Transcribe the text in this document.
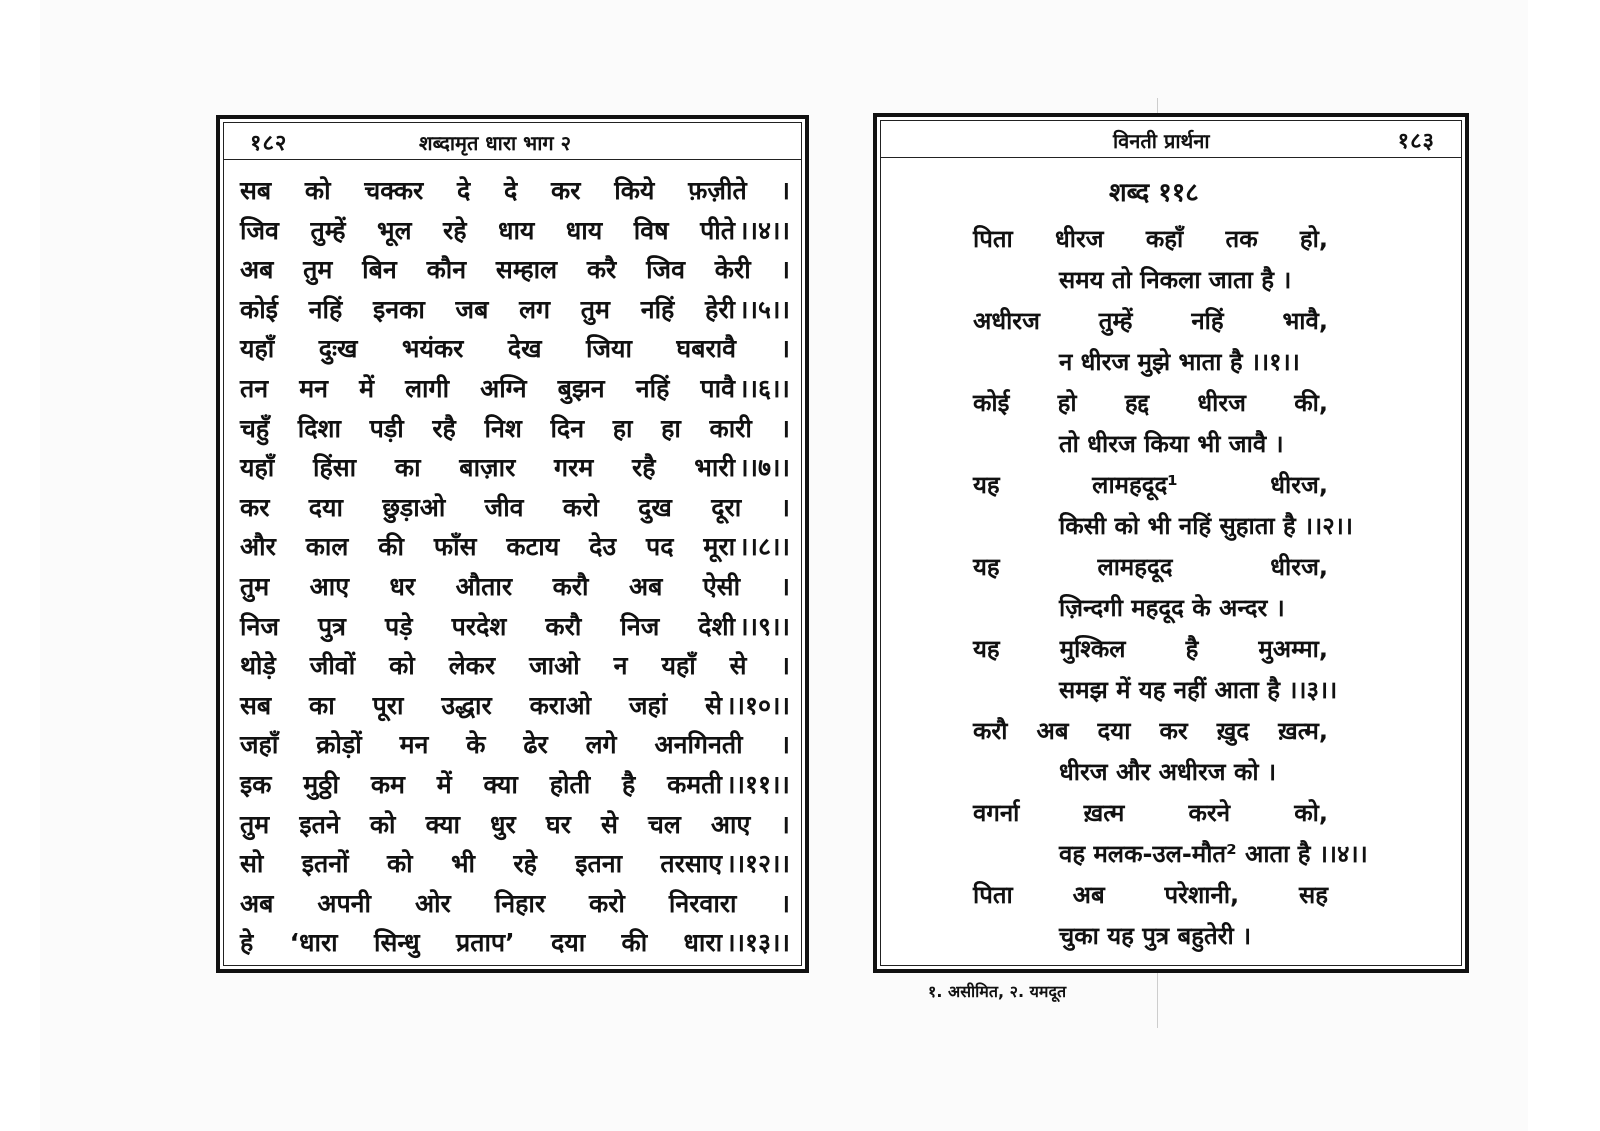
१८२	शब्दामृत धारा भाग २
सब को चक्कर दे दे कर किये फ़ज़ीते ।
जिव तुम्हें भूल रहे धाय धाय विष पीते ।।४।।
अब तुम बिन कौन सम्हाल करै जिव केरी ।
कोई नहिं इनका जब लग तुम नहिं हेरी ।।५।।
यहाँ दुःख भयंकर देख जिया घबरावै ।
तन मन में लागी अग्नि बुझन नहिं पावै ।।६।।
चहुँ दिशा पड़ी रहै निश दिन हा हा कारी ।
यहाँ हिंसा का बाज़ार गरम रहै भारी ।।७।।
कर दया छुड़ाओ जीव करो दुख दूरा ।
और काल की फाँस कटाय देउ पद मूरा ।।८।।
तुम आए धर औतार करौ अब ऐसी ।
निज पुत्र पड़े परदेश करौ निज देशी ।।९।।
थोड़े जीवों को लेकर जाओ न यहाँ से ।
सब का पूरा उद्धार कराओ जहां से ।।१०।।
जहाँ क्रोड़ों मन के ढेर लगे अनगिनती ।
इक मुठ्ठी कम में क्या होती है कमती ।।११।।
तुम इतने को क्या धुर घर से चल आए ।
सो इतनों को भी रहे इतना तरसाए ।।१२।।
अब अपनी ओर निहार करो निरवारा ।
हे ‘धारा सिन्धु प्रताप’ दया की धारा ।।१३।।
विनती प्रार्थना	१८३
शब्द ११८
पिता धीरज कहाँ तक हो,
समय तो निकला जाता है ।
अधीरज तुम्हें नहिं भावै,
न धीरज मुझे भाता है ।।१।।
कोई हो हद्द धीरज की,
तो धीरज किया भी जावै ।
यह	लामहदूद¹	धीरज,
किसी को भी नहिं सुहाता है ।।२।।
यह	लामहदूद	धीरज,
ज़िन्दगी महदूद के अन्दर ।
यह	मुश्किल	है	मुअम्मा,
समझ में यह नहीं आता है ।।३।।
करौ अब दया कर ख़ुद ख़त्म,
धीरज और अधीरज को ।
वगर्ना	ख़त्म	करने	को,
वह मलक-उल-मौत² आता है ।।४।।
पिता अब परेशानी, सह
चुका यह पुत्र बहुतेरी ।
१. असीमित, २. यमदूत
